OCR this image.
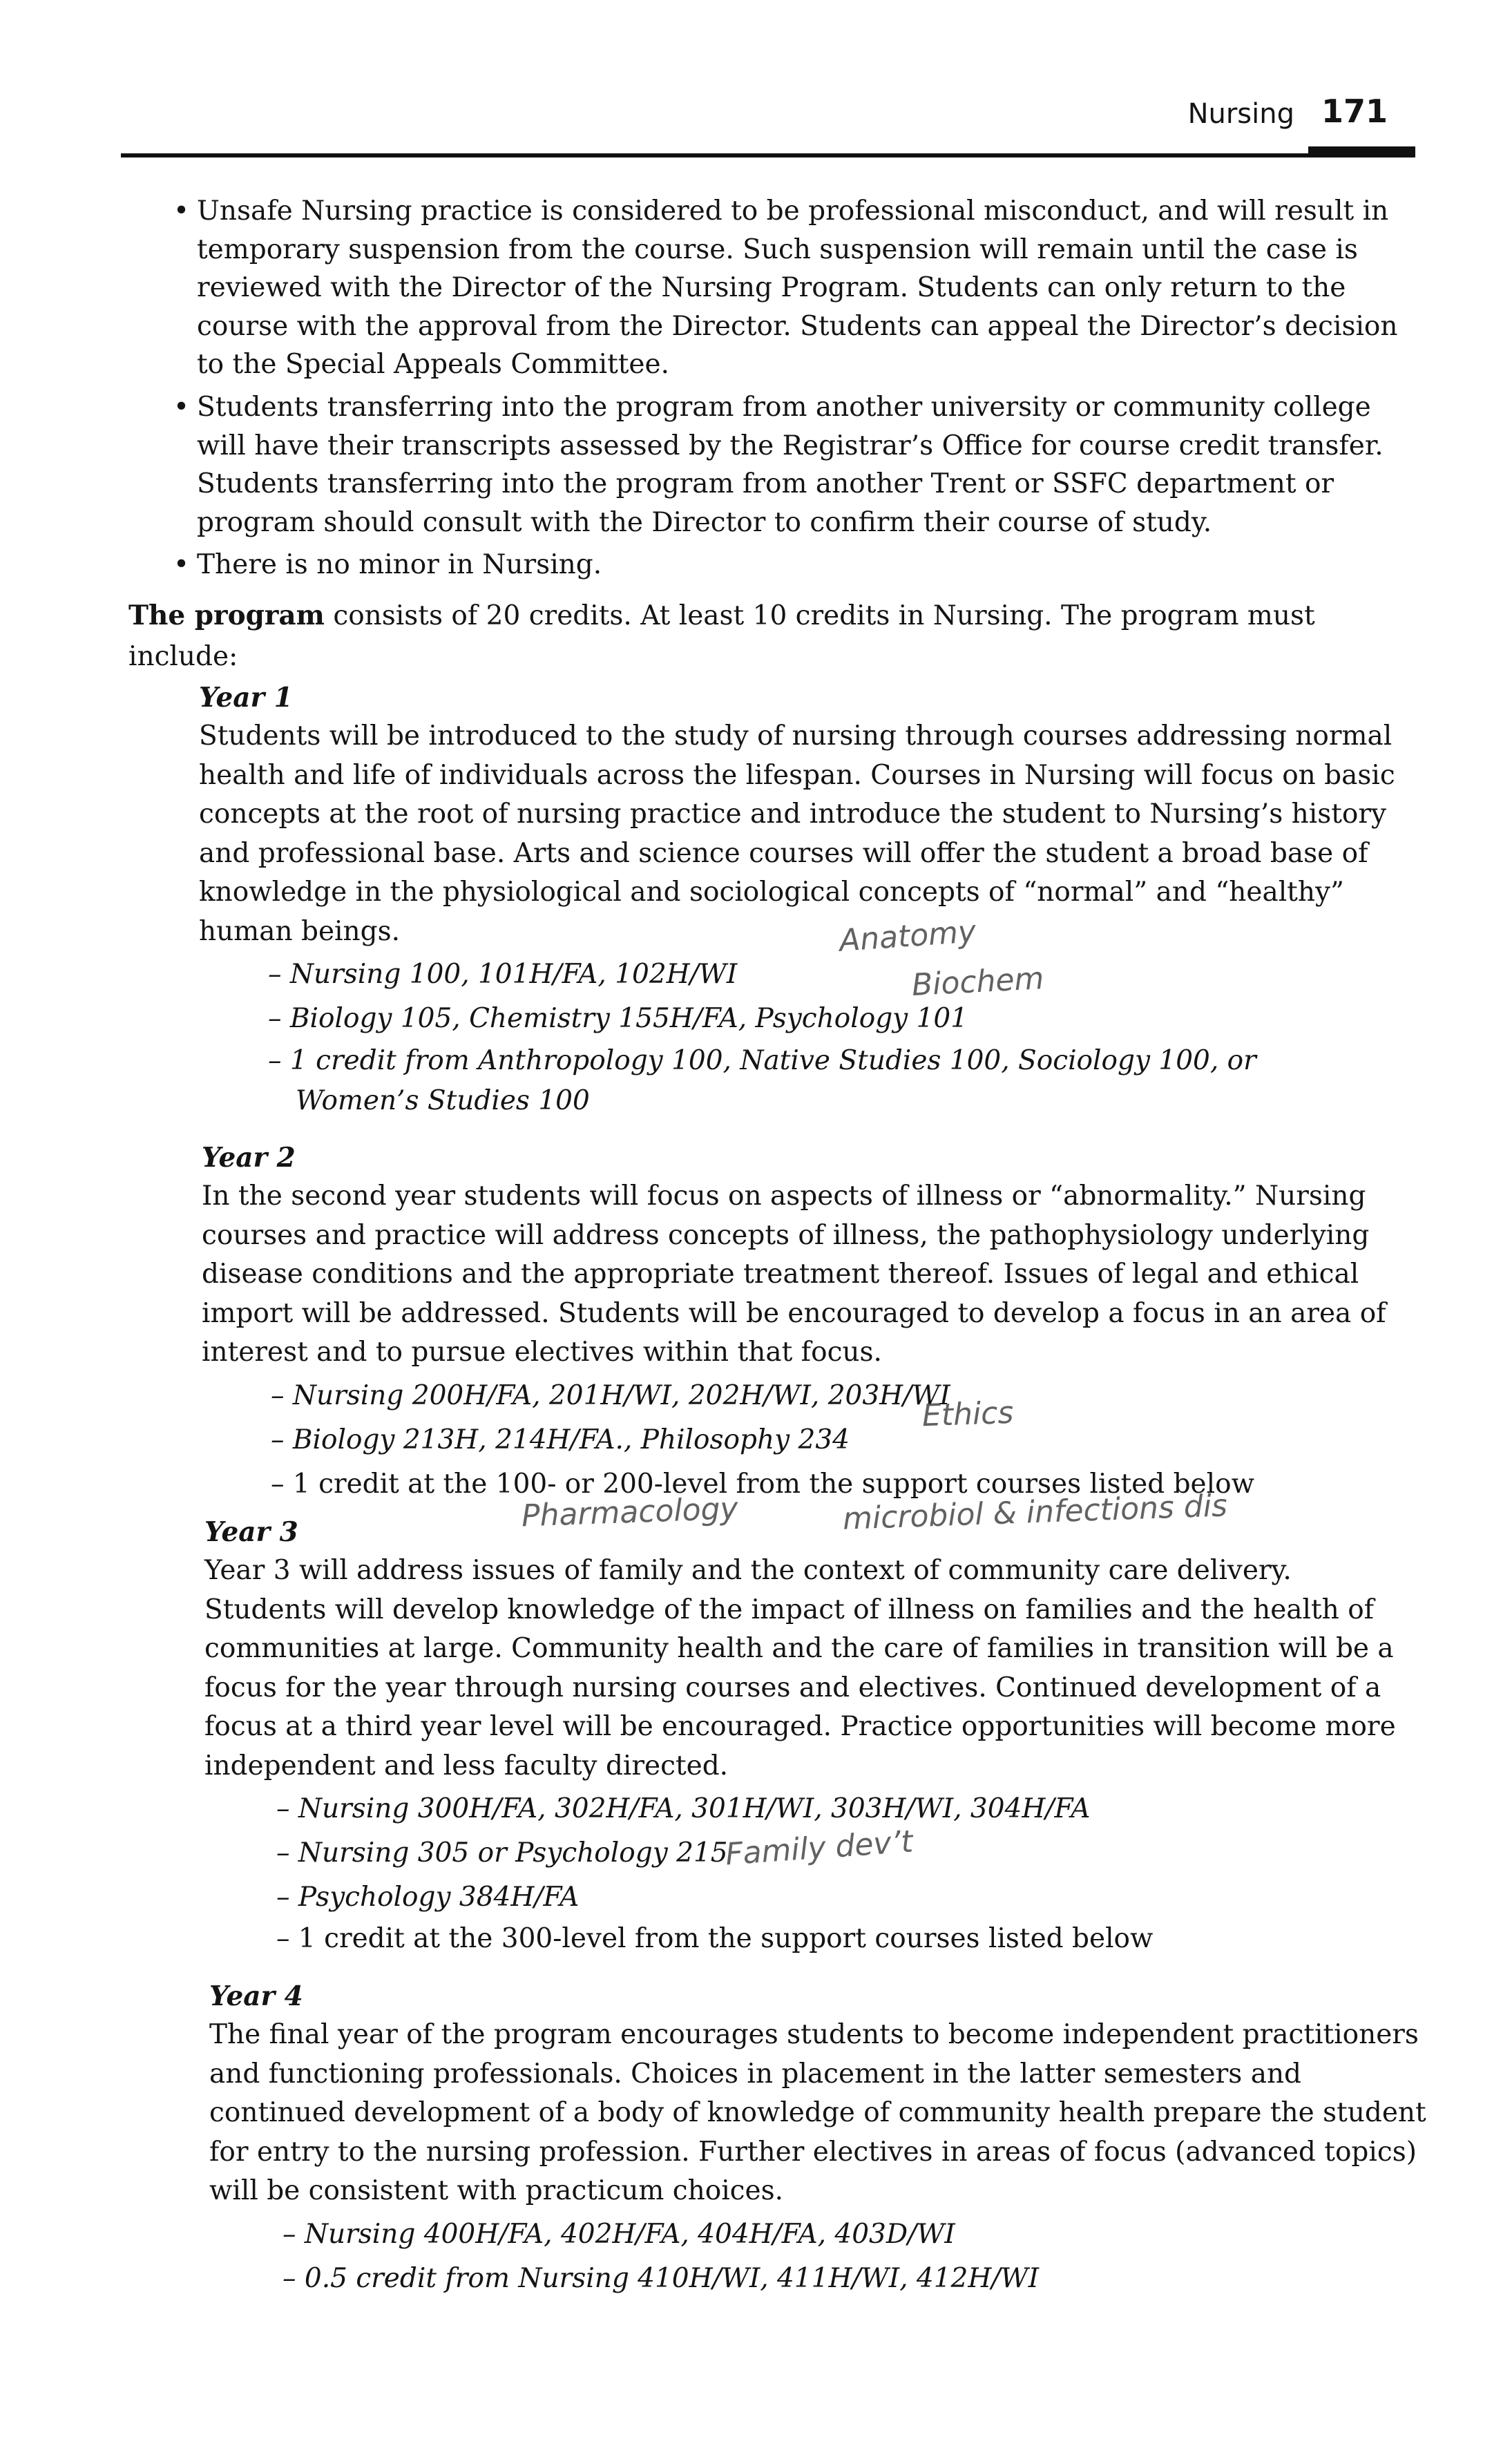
Nursing 171
• Unsafe Nursing practice is considered to be professional misconduct, and will result in temporary suspension from the course. Such suspension will remain until the case is reviewed with the Director of the Nursing Program. Students can only return to the course with the approval from the Director. Students can appeal the Director’s decision to the Special Appeals Committee.
• Students transferring into the program from another university or community college will have their transcripts assessed by the Registrar’s Office for course credit transfer. Students transferring into the program from another Trent or SSFC department or program should consult with the Director to confirm their course of study.
• There is no minor in Nursing.
The program consists of 20 credits. At least 10 credits in Nursing. The program must include:
Year 1
Students will be introduced to the study of nursing through courses addressing normal health and life of individuals across the lifespan. Courses in Nursing will focus on basic concepts at the root of nursing practice and introduce the student to Nursing’s history and professional base. Arts and science courses will offer the student a broad base of knowledge in the physiological and sociological concepts of “normal” and “healthy” human beings.
– Nursing 100, 101H/FA, 102H/WI
– Biology 105, Chemistry 155H/FA, Psychology 101
– 1 credit from Anthropology 100, Native Studies 100, Sociology 100, or Women’s Studies 100
Year 2
In the second year students will focus on aspects of illness or “abnormality.” Nursing courses and practice will address concepts of illness, the pathophysiology underlying disease conditions and the appropriate treatment thereof. Issues of legal and ethical import will be addressed. Students will be encouraged to develop a focus in an area of interest and to pursue electives within that focus.
– Nursing 200H/FA, 201H/WI, 202H/WI, 203H/WI
– Biology 213H, 214H/FA., Philosophy 234
– 1 credit at the 100- or 200-level from the support courses listed below
Year 3
Year 3 will address issues of family and the context of community care delivery. Students will develop knowledge of the impact of illness on families and the health of communities at large. Community health and the care of families in transition will be a focus for the year through nursing courses and electives. Continued development of a focus at a third year level will be encouraged. Practice opportunities will become more independent and less faculty directed.
– Nursing 300H/FA, 302H/FA, 301H/WI, 303H/WI, 304H/FA
– Nursing 305 or Psychology 215
– Psychology 384H/FA
– 1 credit at the 300-level from the support courses listed below
Year 4
The final year of the program encourages students to become independent practitioners and functioning professionals. Choices in placement in the latter semesters and continued development of a body of knowledge of community health prepare the student for entry to the nursing profession. Further electives in areas of focus (advanced topics) will be consistent with practicum choices.
– Nursing 400H/FA, 402H/FA, 404H/FA, 403D/WI
– 0.5 credit from Nursing 410H/WI, 411H/WI, 412H/WI
Anatomy
Biochem
Ethics
Pharmacology	microbiol & infections dis
Family dev’t
